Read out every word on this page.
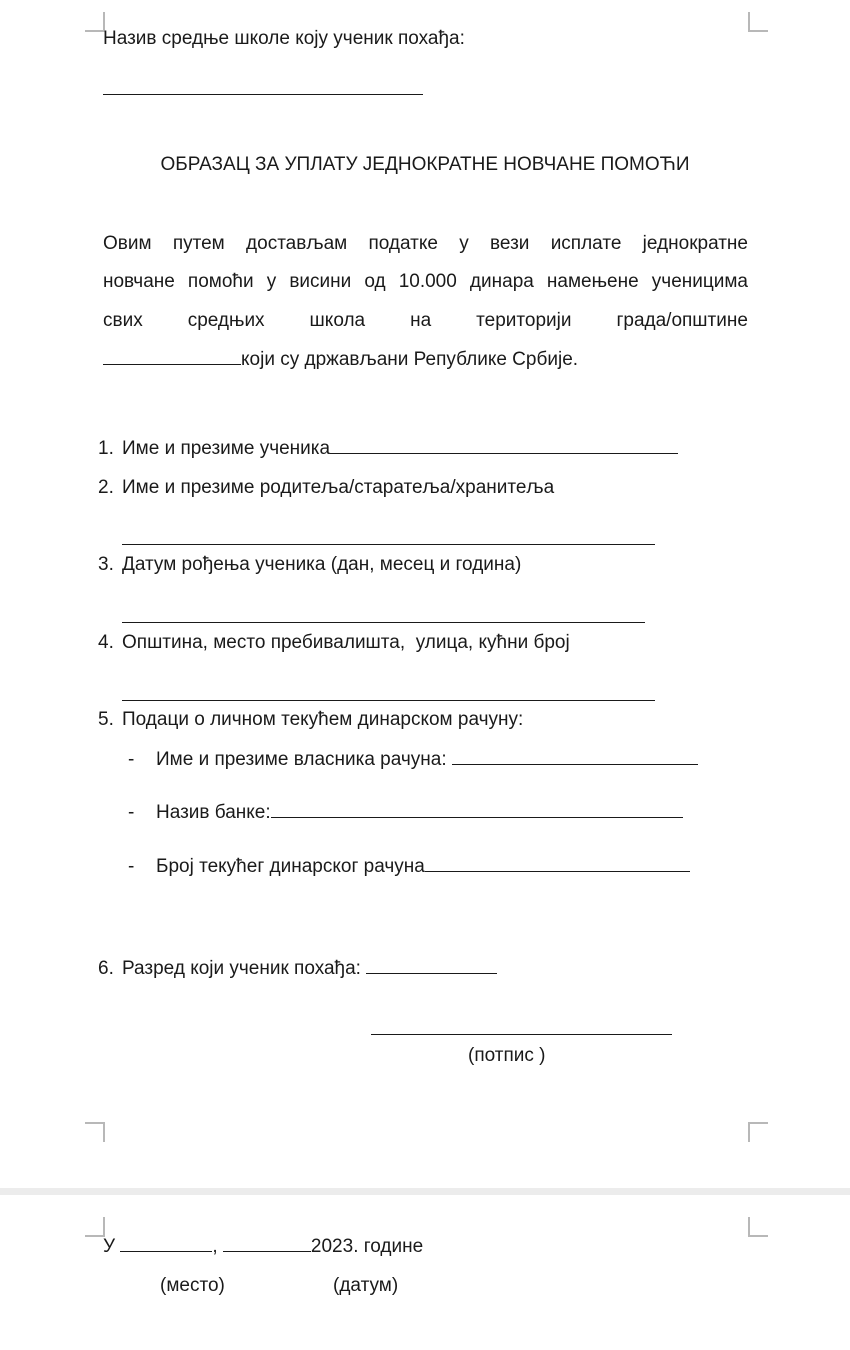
Назив средње школе коју ученик похађа:
ОБРАЗАЦ ЗА УПЛАТУ ЈЕДНОКРАТНЕ НОВЧАНЕ ПОМОЋИ
Овим путем достављам податке у вези исплате једнократне
новчане помоћи у висини од 10.000 динара намењене ученицима
свих средњих школа на територији града/општине
који су држављани Републике Србије.
1. Име и презиме ученика
2. Име и презиме родитеља/старатеља/хранитеља
3. Датум рођења ученика (дан, месец и година)
4. Општина, место пребивалишта,  улица, кућни број
5. Подаци о личном текућем динарском рачуну:
- Име и презиме власника рачуна:
- Назив банке:
- Број текућег динарског рачуна
6. Разред који ученик похађа:
(потпис )
У	,	2023. године
(место)	(датум)
